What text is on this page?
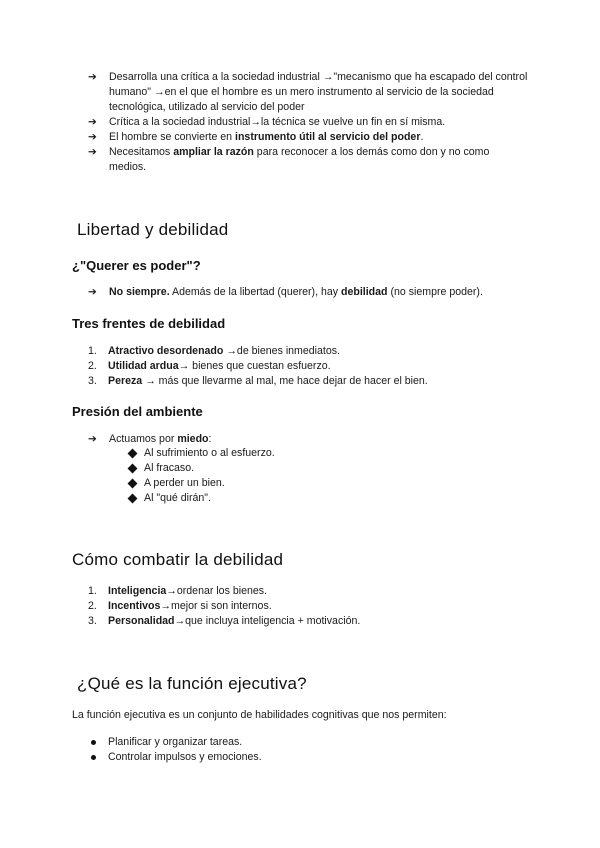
➔	Desarrolla una crítica a la sociedad industrial →"mecanismo que ha escapado del control humano" →en el que el hombre es un mero instrumento al servicio de la sociedad tecnológica, utilizado al servicio del poder
➔	Crítica a la sociedad industrial→la técnica se vuelve un fin en sí misma.
➔	El hombre se convierte en instrumento útil al servicio del poder.
➔	Necesitamos ampliar la razón para reconocer a los demás como don y no como medios.
Libertad y debilidad
¿"Querer es poder"?
➔	No siempre. Además de la libertad (querer), hay debilidad (no siempre poder).
Tres frentes de debilidad
1. Atractivo desordenado →de bienes inmediatos.
2. Utilidad ardua→ bienes que cuestan esfuerzo.
3. Pereza → más que llevarme al mal, me hace dejar de hacer el bien.
Presión del ambiente
➔	Actuamos por miedo:
Al sufrimiento o al esfuerzo.
Al fracaso.
A perder un bien.
Al "qué dirán".
Cómo combatir la debilidad
1. Inteligencia→ordenar los bienes.
2. Incentivos→mejor si son internos.
3. Personalidad→que incluya inteligencia + motivación.
¿Qué es la función ejecutiva?

La función ejecutiva es un conjunto de habilidades cognitivas que nos permiten:

Planificar y organizar tareas.
Controlar impulsos y emociones.
